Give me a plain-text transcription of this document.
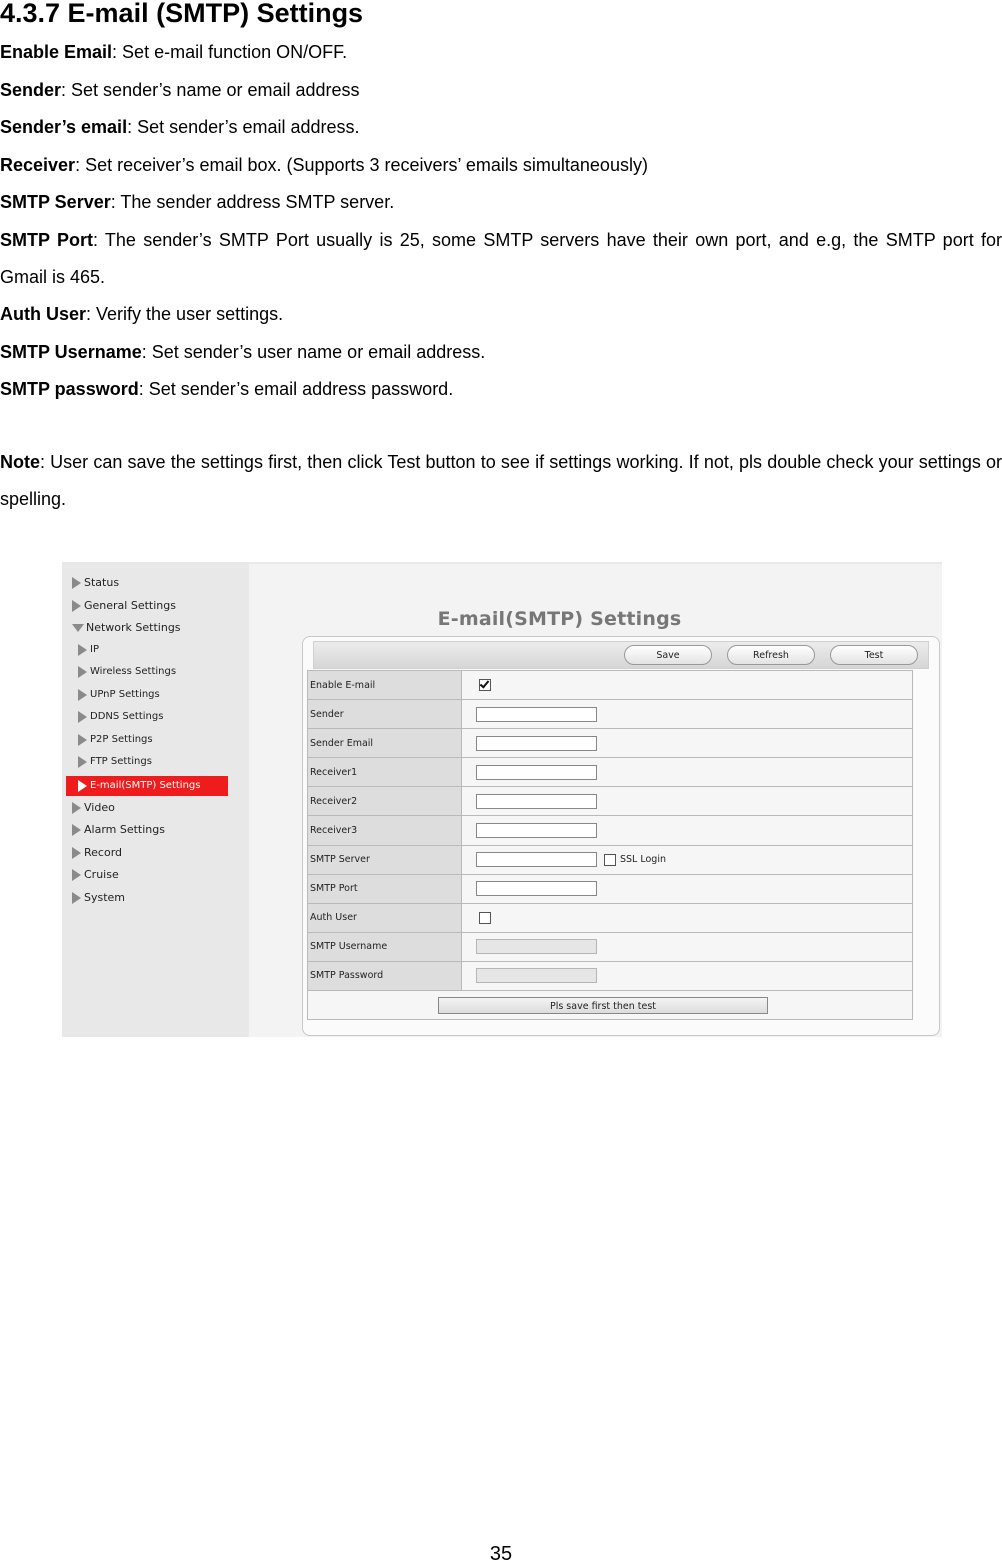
4.3.7 E-mail (SMTP) Settings
Enable Email: Set e-mail function ON/OFF.
Sender: Set sender’s name or email address
Sender’s email: Set sender’s email address.
Receiver: Set receiver’s email box. (Supports 3 receivers’ emails simultaneously)
SMTP Server: The sender address SMTP server.
SMTP Port: The sender’s SMTP Port usually is 25, some SMTP servers have their own port, and e.g, the SMTP port for Gmail is 465.
Auth User: Verify the user settings.
SMTP Username: Set sender’s user name or email address.
SMTP password: Set sender’s email address password.
Note: User can save the settings first, then click Test button to see if settings working. If not, pls double check your settings or spelling.
Status
General Settings
Network Settings
IP
Wireless Settings
UPnP Settings
DDNS Settings
P2P Settings
FTP Settings
E-mail(SMTP) Settings
Video
Alarm Settings
Record
Cruise
System
E-mail(SMTP) Settings
Save	Refresh	Test
Enable E-mail	
Sender	
Sender Email	
Receiver1	
Receiver2	
Receiver3	
SMTP Server	SSL Login
SMTP Port	
Auth User	
SMTP Username	
SMTP Password	
Pls save first then test	
35
